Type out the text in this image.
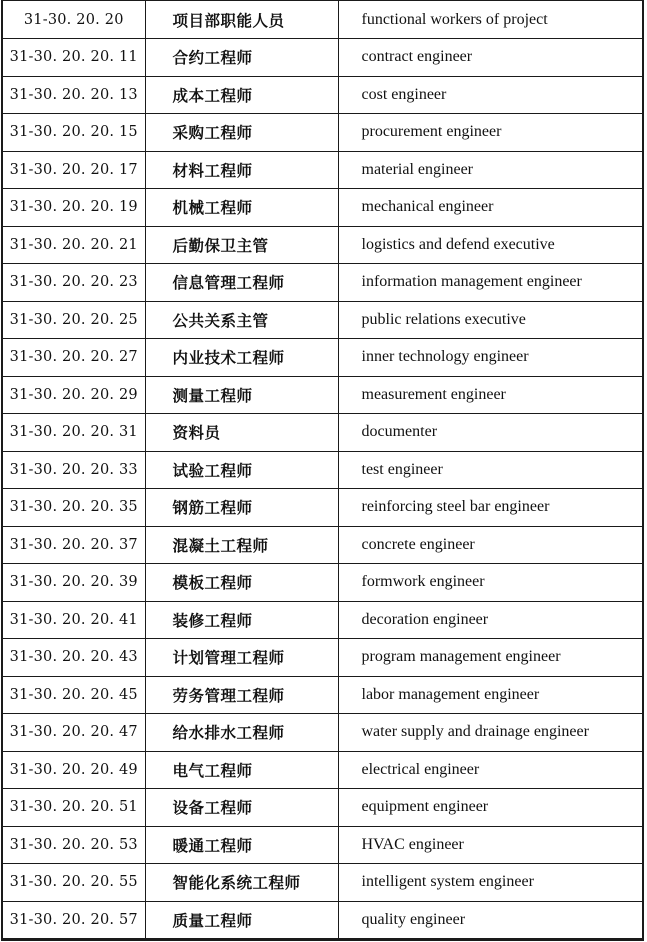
31-30. 20. 20	项目部职能人员	functional workers of project
31-30. 20. 20. 11	合约工程师	contract engineer
31-30. 20. 20. 13	成本工程师	cost engineer
31-30. 20. 20. 15	采购工程师	procurement engineer
31-30. 20. 20. 17	材料工程师	material engineer
31-30. 20. 20. 19	机械工程师	mechanical engineer
31-30. 20. 20. 21	后勤保卫主管	logistics and defend executive
31-30. 20. 20. 23	信息管理工程师	information management engineer
31-30. 20. 20. 25	公共关系主管	public relations executive
31-30. 20. 20. 27	内业技术工程师	inner technology engineer
31-30. 20. 20. 29	测量工程师	measurement engineer
31-30. 20. 20. 31	资料员	documenter
31-30. 20. 20. 33	试验工程师	test engineer
31-30. 20. 20. 35	钢筋工程师	reinforcing steel bar engineer
31-30. 20. 20. 37	混凝土工程师	concrete engineer
31-30. 20. 20. 39	模板工程师	formwork engineer
31-30. 20. 20. 41	装修工程师	decoration engineer
31-30. 20. 20. 43	计划管理工程师	program management engineer
31-30. 20. 20. 45	劳务管理工程师	labor management engineer
31-30. 20. 20. 47	给水排水工程师	water supply and drainage engineer
31-30. 20. 20. 49	电气工程师	electrical engineer
31-30. 20. 20. 51	设备工程师	equipment engineer
31-30. 20. 20. 53	暖通工程师	HVAC engineer
31-30. 20. 20. 55	智能化系统工程师	intelligent system engineer
31-30. 20. 20. 57	质量工程师	quality engineer
